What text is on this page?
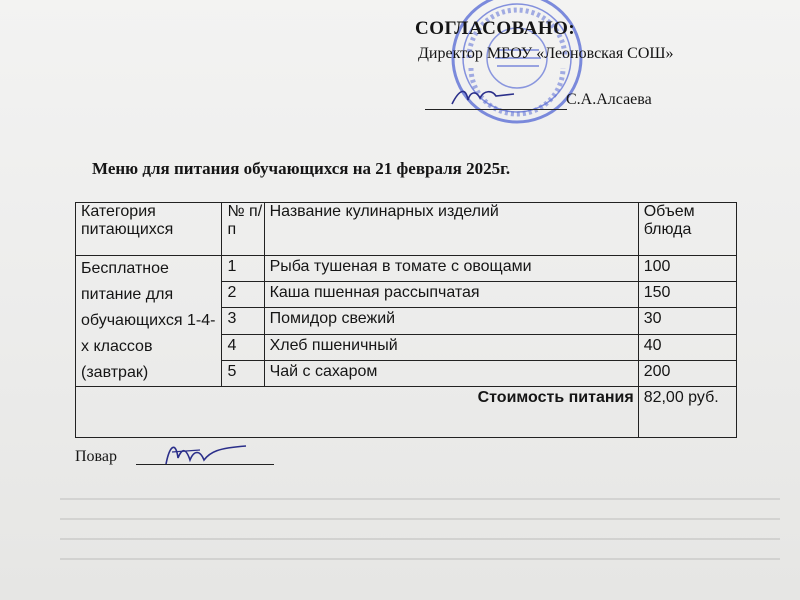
СОГЛАСОВАНО:
Директор МБОУ «Леоновская СОШ»
С.А.Алсаева
Меню для питания обучающихся на 21 февраля 2025г.
Категория питающихся	№ п/п	Название кулинарных изделий	Объем блюда
Бесплатное питание для обучающихся 1-4-х классов (завтрак)	1	Рыба тушеная в томате с овощами	100
	2	Каша пшенная рассыпчатая	150
	3	Помидор свежий	30
	4	Хлеб пшеничный	40
	5	Чай с сахаром	200
Стоимость питания			82,00 руб.
Повар
